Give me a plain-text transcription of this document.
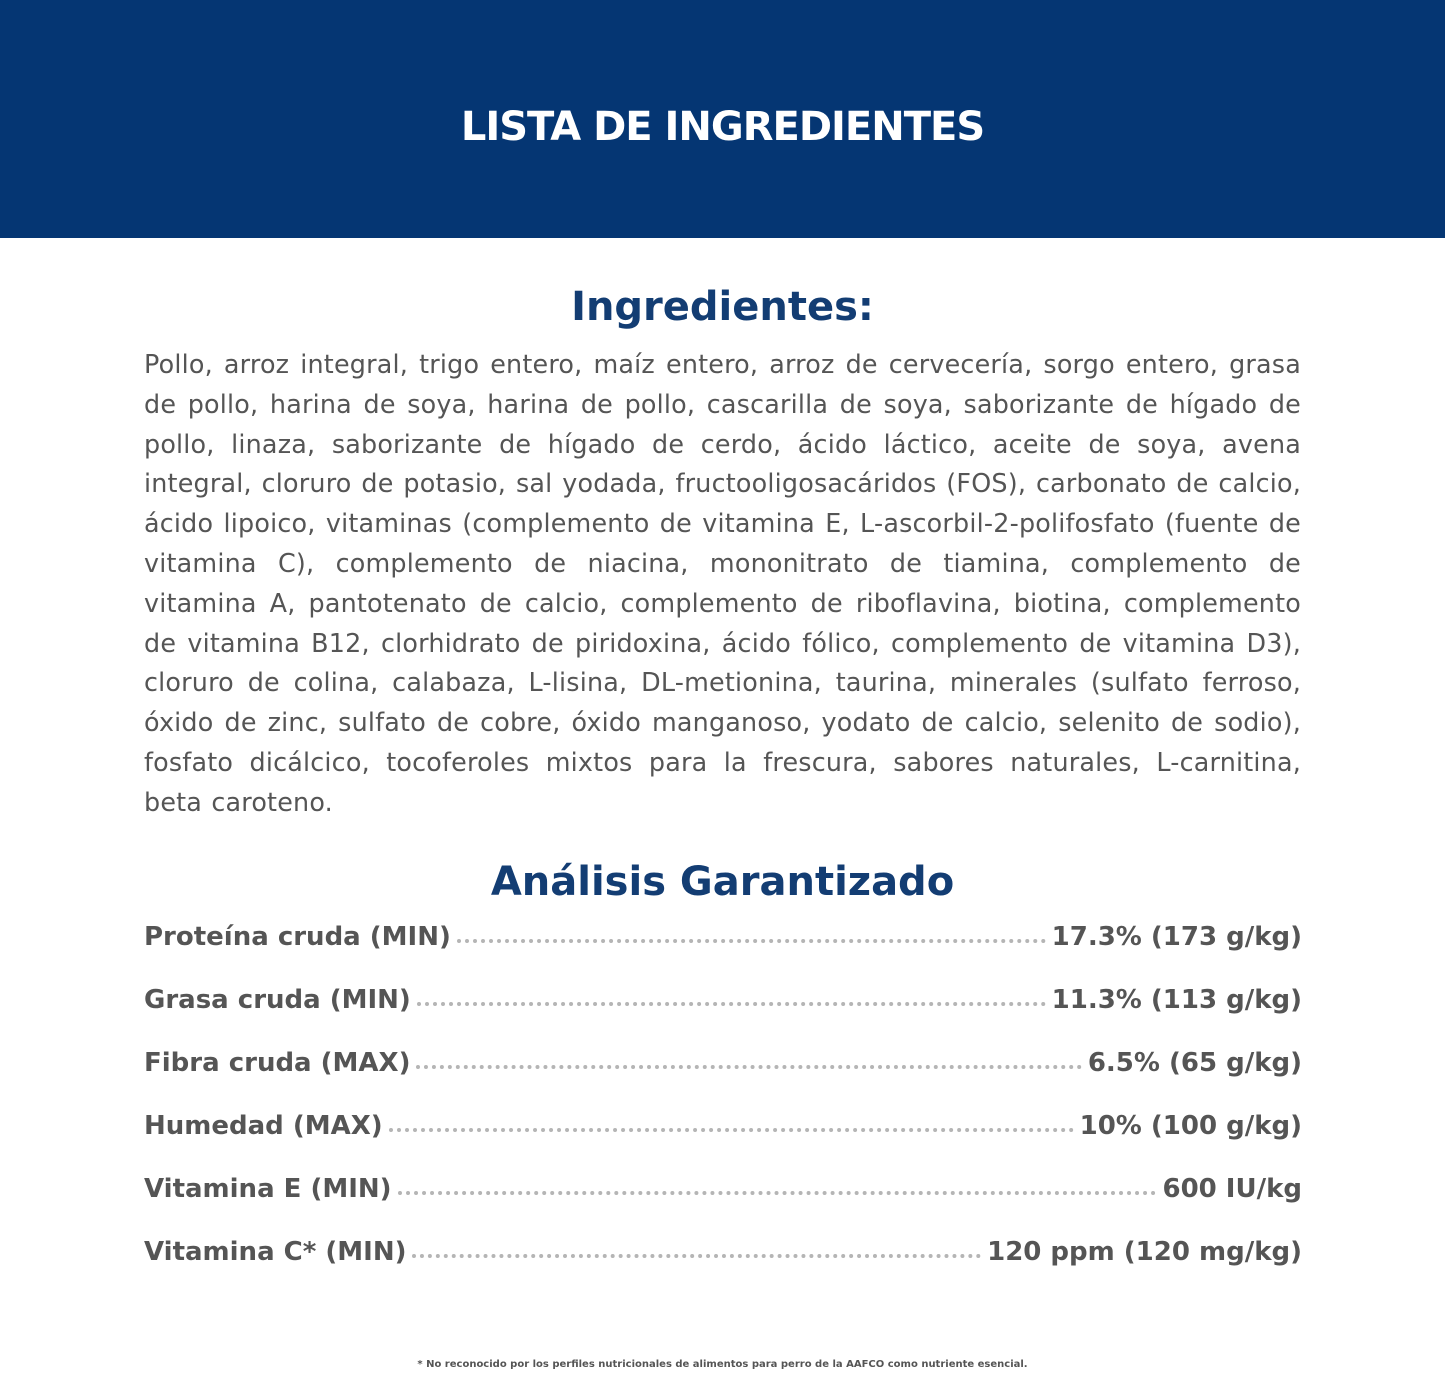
LISTA DE INGREDIENTES
Ingredientes:

Pollo, arroz integral, trigo entero, maíz entero, arroz de cervecería, sorgo entero, grasa de pollo, harina de soya, harina de pollo, cascarilla de soya, saborizante de hígado de pollo, linaza, saborizante de hígado de cerdo, ácido láctico, aceite de soya, avena integral, cloruro de potasio, sal yodada, fructooligosacáridos (FOS), carbonato de calcio, ácido lipoico, vitaminas (complemento de vitamina E, L-ascorbil-2-polifosfato (fuente de vitamina C), complemento de niacina, mononitrato de tiamina, complemento de vitamina A, pantotenato de calcio, complemento de riboflavina, biotina, complemento de vitamina B12, clorhidrato de piridoxina, ácido fólico, complemento de vitamina D3), cloruro de colina, calabaza, L-lisina, DL-metionina, taurina, minerales (sulfato ferroso, óxido de zinc, sulfato de cobre, óxido manganoso, yodato de calcio, selenito de sodio), fosfato dicálcico, tocoferoles mixtos para la frescura, sabores naturales, L-carnitina, beta caroteno.

Análisis Garantizado
Proteína cruda (MIN)	17.3% (173 g/kg)
Grasa cruda (MIN)	11.3% (113 g/kg)
Fibra cruda (MAX)	6.5% (65 g/kg)
Humedad (MAX)	10% (100 g/kg)
Vitamina E (MIN)	600 IU/kg
Vitamina C* (MIN)	120 ppm (120 mg/kg)

* No reconocido por los perfiles nutricionales de alimentos para perro de la AAFCO como nutriente esencial.
